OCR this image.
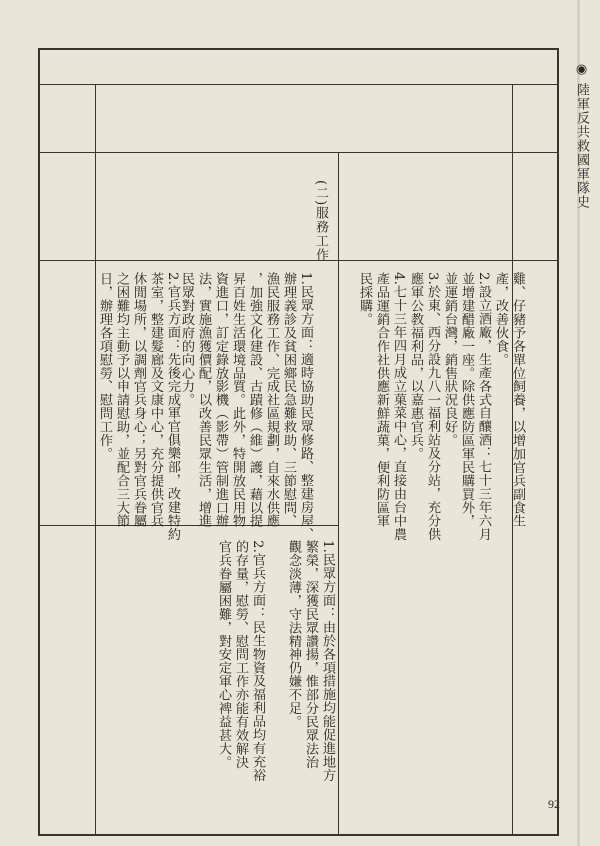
◉ 陸軍反共救國軍隊史
92
(二)服務工作

雞、仔豬予各單位飼養，以增加官兵副食生
產，改善伙食。

2.設立酒廠，生產各式自釀酒：七十三年六月
並增建醋廠一座。除供應防區軍民購買外，
並運銷台灣，銷售狀況良好。

3.於東、西分設九八一福利站及分站，充分供
應軍公教福利品，以嘉惠官兵。

4.七十三年四月成立菓菜中心，直接由台中農
產品運銷合作社供應新鮮蔬菓，便利防區軍
民採購。

1.民眾方面：適時協助民眾修路、整建房屋、
辦理義診及貧困鄉民急難救助、三節慰問、
漁民服務工作、完成社區規劃，自來水供應
，加強文化建設、古蹟修（維）護，藉以提
昇百姓生活環境品質。此外，特開放民用物
資進口，訂定錄放影機（影帶）管制進口辦
法，實施漁獲價配，以改善民眾生活，增進
民眾對政府的向心力。

2.官兵方面：先後完成軍官俱樂部，改建特約
茶室，整建髮廊及文康中心，充分提供官兵
休閒場所，以調劑官兵身心；另對官兵眷屬
之困難均主動予以申請慰助，並配合三大節
日，辦理各項慰勞、慰問工作。

1.民眾方面：由於各項措施均能促進地方
繁榮，深獲民眾讚揚，惟部分民眾法治
觀念淡薄，守法精神仍嫌不足。

2.官兵方面：民生物資及福利品均有充裕
的存量，慰勞、慰問工作亦能有效解決
官兵眷屬困難，對安定軍心裨益甚大。
